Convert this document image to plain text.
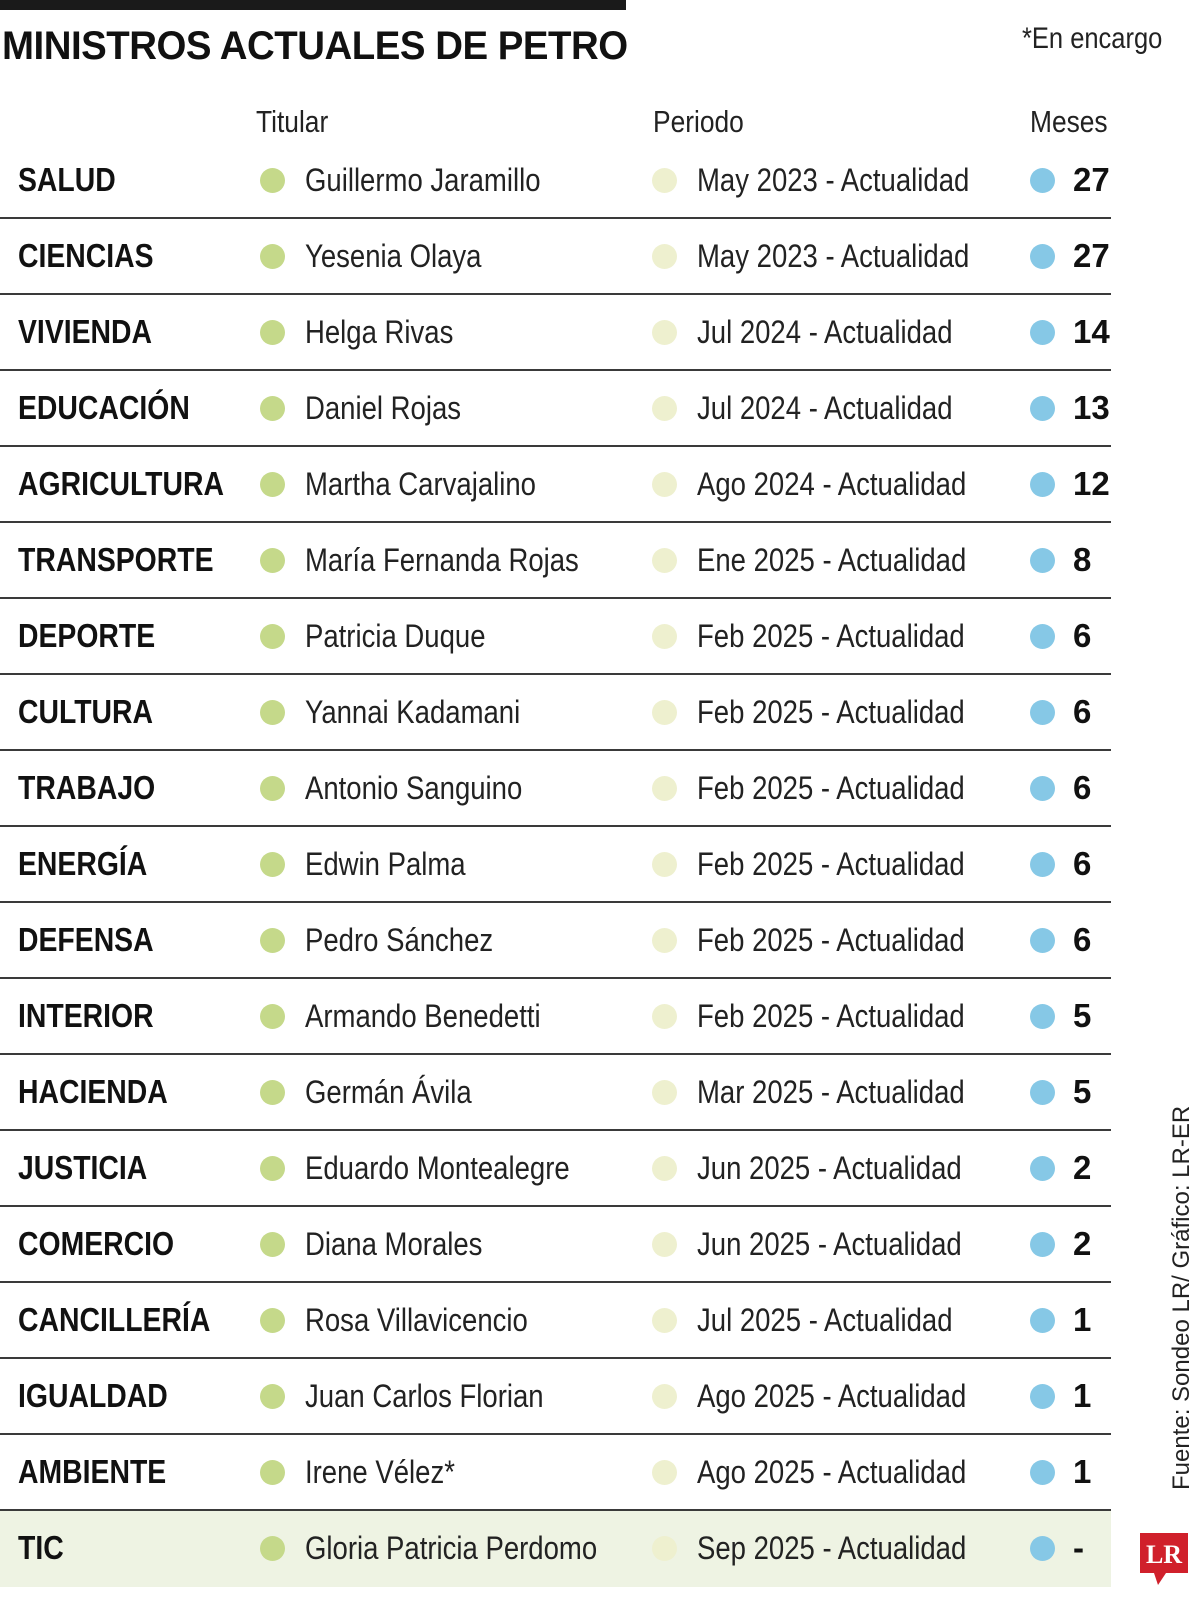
MINISTROS ACTUALES DE PETRO	*En encargo
Titular	Periodo	Meses
SALUD	Guillermo Jaramillo	May 2023 - Actualidad	27
CIENCIAS	Yesenia Olaya	May 2023 - Actualidad	27
VIVIENDA	Helga Rivas	Jul 2024 - Actualidad	14
EDUCACIÓN	Daniel Rojas	Jul 2024 - Actualidad	13
AGRICULTURA	Martha Carvajalino	Ago 2024 - Actualidad	12
TRANSPORTE	María Fernanda Rojas	Ene 2025 - Actualidad	8
DEPORTE	Patricia Duque	Feb 2025 - Actualidad	6
CULTURA	Yannai Kadamani	Feb 2025 - Actualidad	6
TRABAJO	Antonio Sanguino	Feb 2025 - Actualidad	6
ENERGÍA	Edwin Palma	Feb 2025 - Actualidad	6
DEFENSA	Pedro Sánchez	Feb 2025 - Actualidad	6
INTERIOR	Armando Benedetti	Feb 2025 - Actualidad	5
HACIENDA	Germán Ávila	Mar 2025 - Actualidad	5
JUSTICIA	Eduardo Montealegre	Jun 2025 - Actualidad	2
COMERCIO	Diana Morales	Jun 2025 - Actualidad	2
CANCILLERÍA	Rosa Villavicencio	Jul 2025 - Actualidad	1
IGUALDAD	Juan Carlos Florian	Ago 2025 - Actualidad	1
AMBIENTE	Irene Vélez*	Ago 2025 - Actualidad	1
TIC	Gloria Patricia Perdomo	Sep 2025 - Actualidad	-
Fuente: Sondeo LR/ Gráfico: LR-ER
LR
